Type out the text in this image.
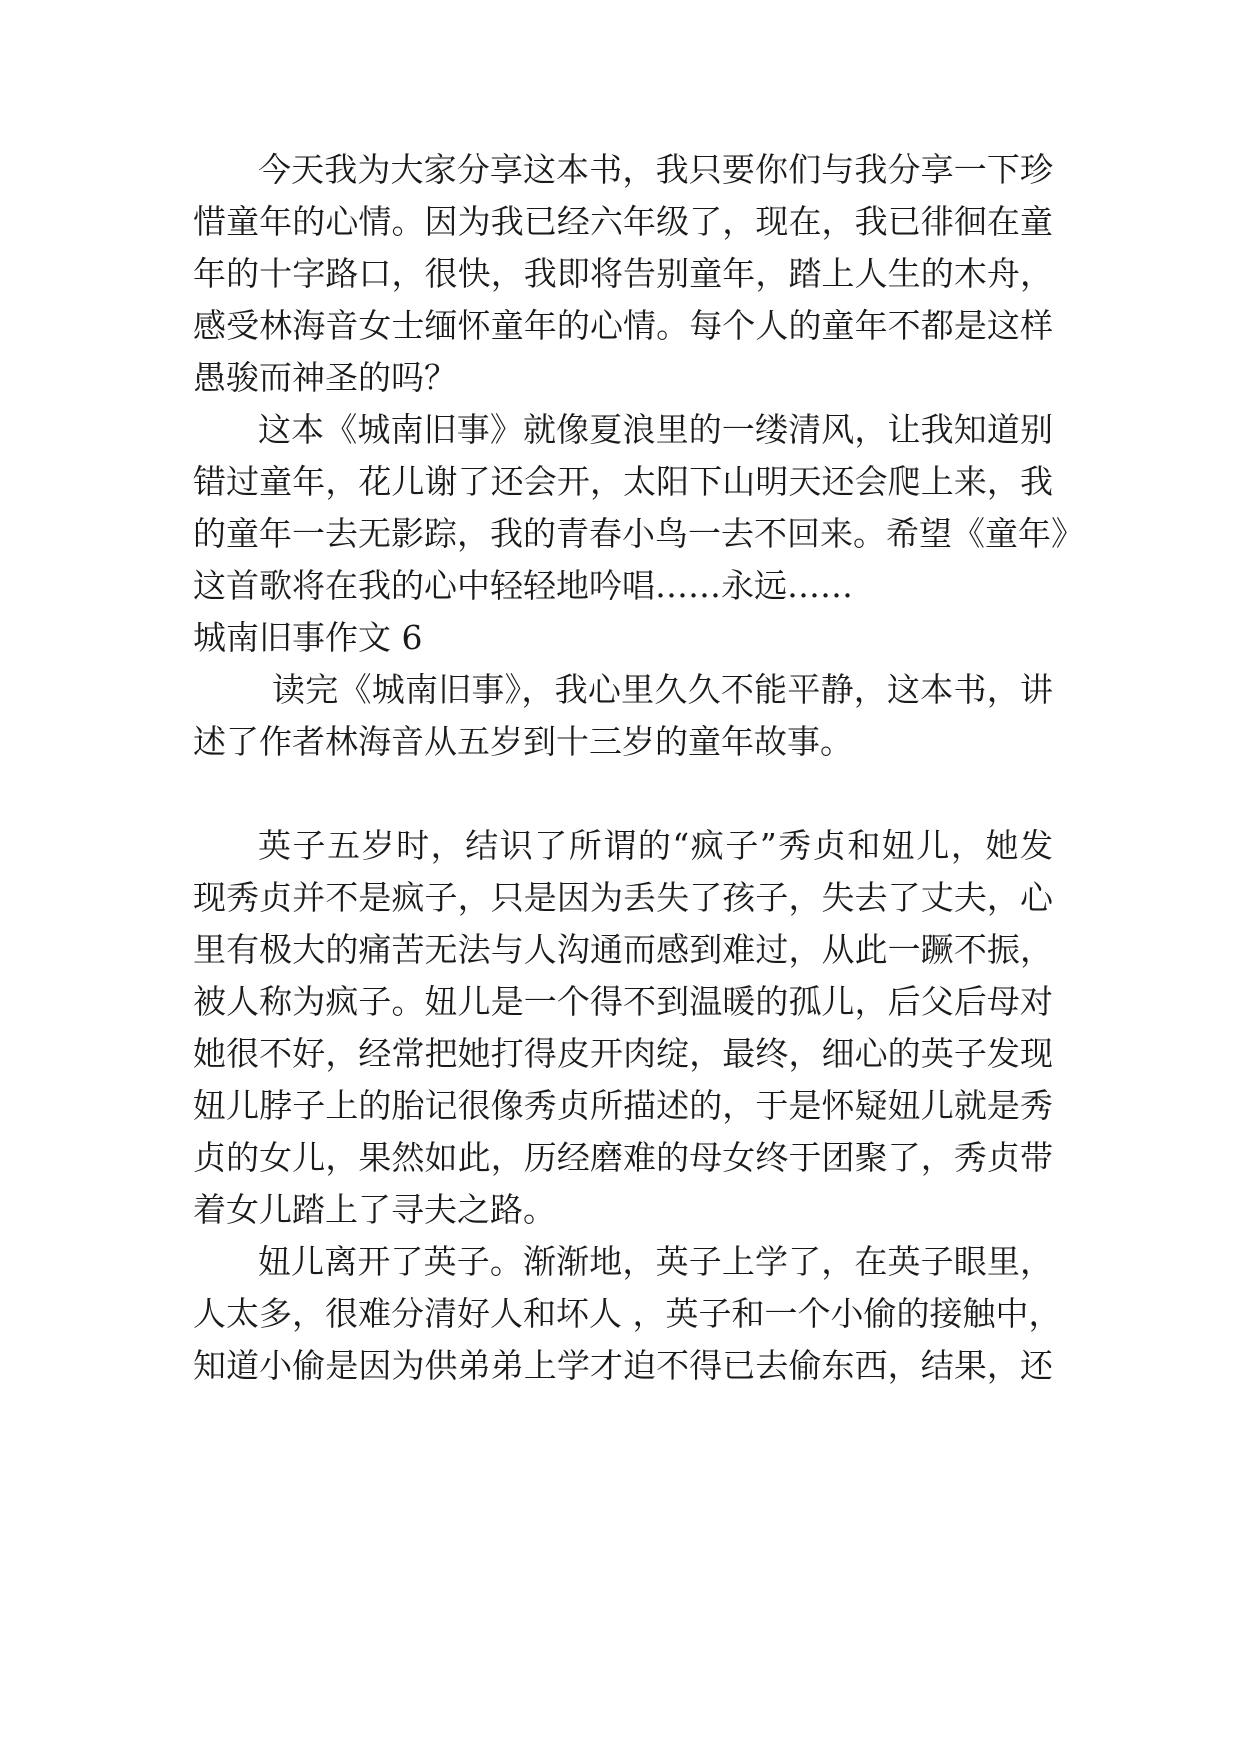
今天我为大家分享这本书，我只要你们与我分享一下珍
惜童年的心情。因为我已经六年级了，现在，我已徘徊在童
年的十字路口，很快，我即将告别童年，踏上人生的木舟，
感受林海音女士缅怀童年的心情。每个人的童年不都是这样
愚骏而神圣的吗？
这本《城南旧事》就像夏浪里的一缕清风，让我知道别
错过童年，花儿谢了还会开，太阳下山明天还会爬上来，我
的童年一去无影踪，我的青春小鸟一去不回来。希望《童年》
这首歌将在我的心中轻轻地吟唱……永远……
城南旧事作文 6
读完《城南旧事》，我心里久久不能平静，这本书，讲
述了作者林海音从五岁到十三岁的童年故事。
英子五岁时，结识了所谓的“疯子”秀贞和妞儿，她发
现秀贞并不是疯子，只是因为丢失了孩子，失去了丈夫，心
里有极大的痛苦无法与人沟通而感到难过，从此一蹶不振，
被人称为疯子。妞儿是一个得不到温暖的孤儿，后父后母对
她很不好，经常把她打得皮开肉绽，最终，细心的英子发现
妞儿脖子上的胎记很像秀贞所描述的，于是怀疑妞儿就是秀
贞的女儿，果然如此，历经磨难的母女终于团聚了，秀贞带
着女儿踏上了寻夫之路。
妞儿离开了英子。渐渐地，英子上学了，在英子眼里，
人太多，很难分清好人和坏人 ，英子和一个小偷的接触中，
知道小偷是因为供弟弟上学才迫不得已去偷东西，结果，还
